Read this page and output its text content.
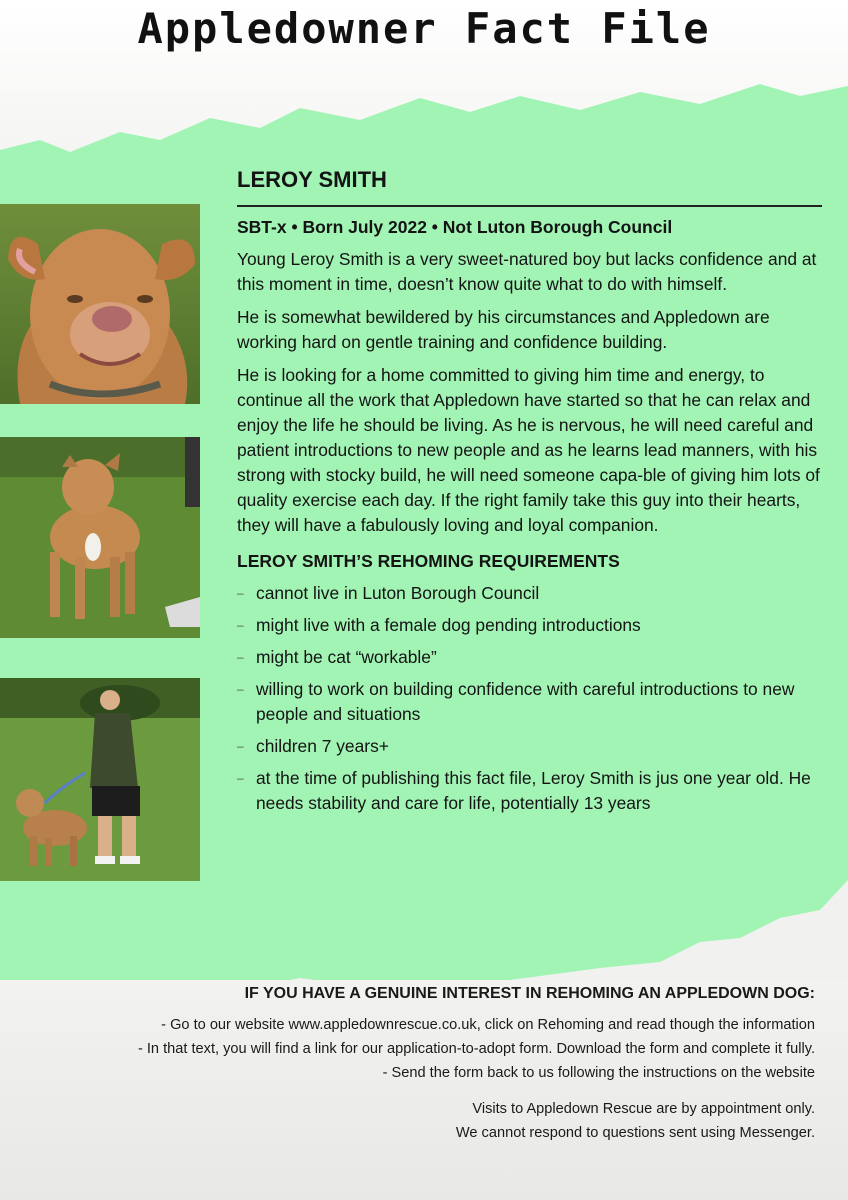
Appledowner Fact File
LEROY SMITH
SBT-x • Born July 2022 • Not Luton Borough Council

Young Leroy Smith is a very sweet-natured boy but lacks confidence and at this moment in time, doesn’t know quite what to do with himself.

He is somewhat bewildered by his circumstances and Appledown are working hard on gentle training and confidence building.

He is looking for a home committed to giving him time and energy, to continue all the work that Appledown have started so that he can relax and enjoy the life he should be living. As he is nervous, he will need careful and patient introductions to new people and as he learns lead manners, with his strong with stocky build, he will need someone capa-ble of giving him lots of quality exercise each day. If the right family take this guy into their hearts, they will have a fabulously loving and loyal companion.

LEROY SMITH’S REHOMING REQUIREMENTS
– cannot live in Luton Borough Council
– might live with a female dog pending introductions
– might be cat “workable”
– willing to work on building confidence with careful introductions to new people and situations
– children 7 years+
– at the time of publishing this fact file, Leroy Smith is jus one year old. He needs stability and care for life, potentially 13 years
IF YOU HAVE A GENUINE INTEREST IN REHOMING AN APPLEDOWN DOG:
- Go to our website www.appledownrescue.co.uk, click on Rehoming and read though the information
- In that text, you will find a link for our application-to-adopt form. Download the form and complete it fully.
- Send the form back to us following the instructions on the website
Visits to Appledown Rescue are by appointment only.
We cannot respond to questions sent using Messenger.
